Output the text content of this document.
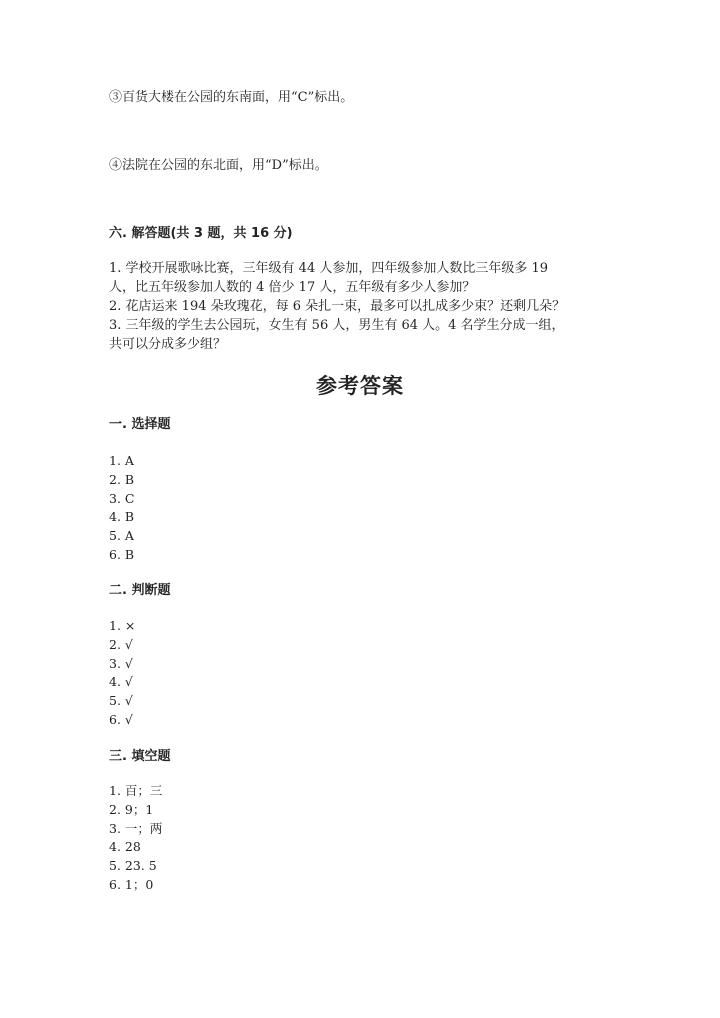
③百货大楼在公园的东南面，用“C”标出。
④法院在公园的东北面，用“D”标出。
六. 解答题(共 3 题，共 16 分)
1. 学校开展歌咏比赛，三年级有 44 人参加，四年级参加人数比三年级多 19
人，比五年级参加人数的 4 倍少 17 人，五年级有多少人参加？
2. 花店运来 194 朵玫瑰花，每 6 朵扎一束，最多可以扎成多少束？还剩几朵？
3. 三年级的学生去公园玩，女生有 56 人，男生有 64 人。4 名学生分成一组，
共可以分成多少组？
参考答案
一. 选择题
1. A
2. B
3. C
4. B
5. A
6. B
二. 判断题
1. ×
2. √
3. √
4. √
5. √
6. √
三. 填空题
1. 百；三
2. 9；1
3. 一；两
4. 28
5. 23. 5
6. 1；0
